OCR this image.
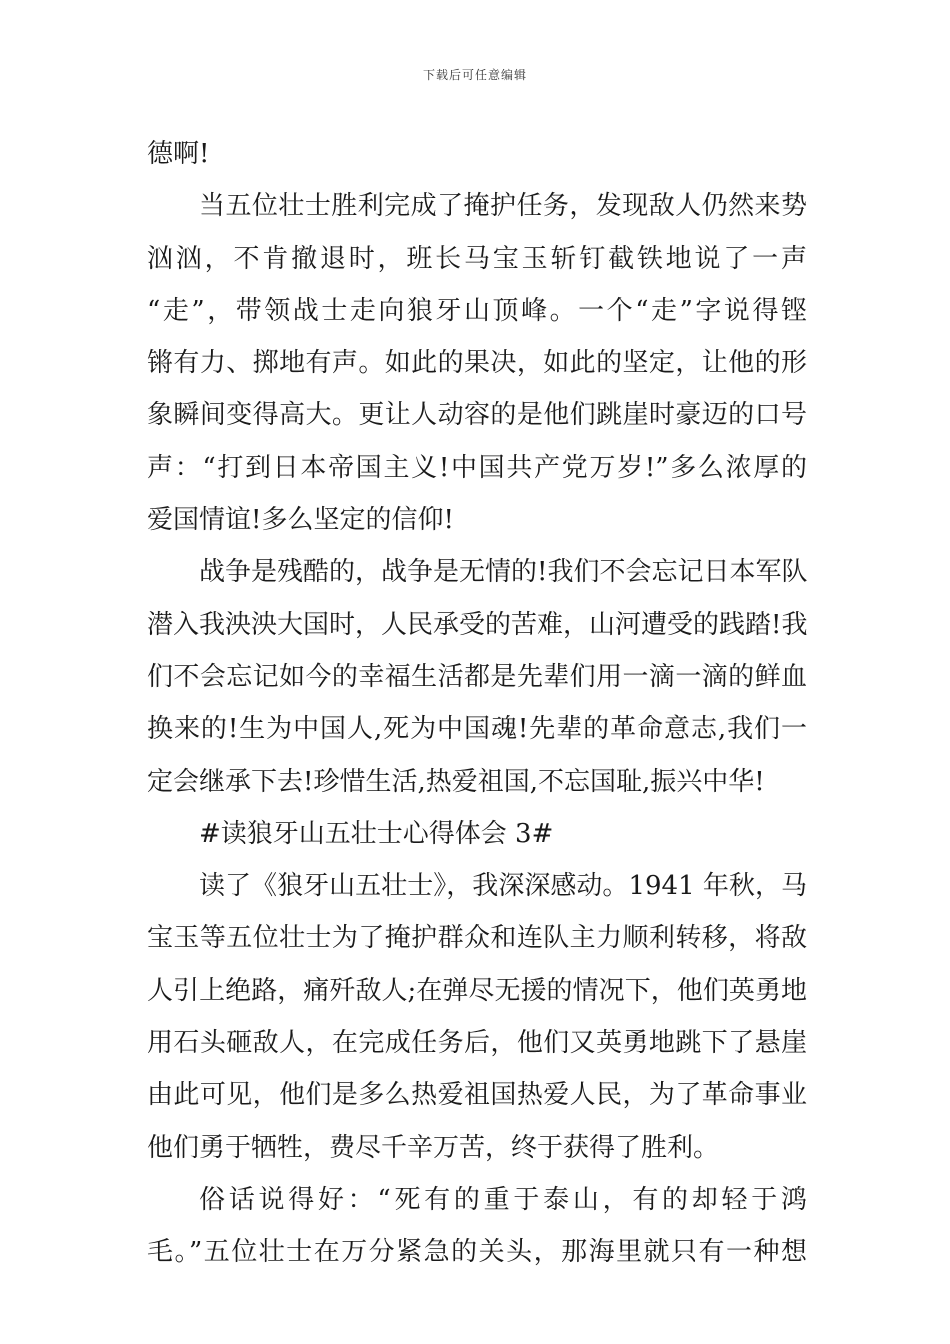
下载后可任意编辑
德啊!
当五位壮士胜利完成了掩护任务，发现敌人仍然来势
汹汹，不肯撤退时，班长马宝玉斩钉截铁地说了一声
“走”，带领战士走向狼牙山顶峰。一个“走”字说得铿
锵有力、掷地有声。如此的果决，如此的坚定，让他的形
象瞬间变得高大。更让人动容的是他们跳崖时豪迈的口号
声：“打到日本帝国主义!中国共产党万岁!”多么浓厚的
爱国情谊!多么坚定的信仰!
战争是残酷的，战争是无情的!我们不会忘记日本军队
潜入我泱泱大国时，人民承受的苦难，山河遭受的践踏!我
们不会忘记如今的幸福生活都是先辈们用一滴一滴的鲜血
换来的!生为中国人,死为中国魂!先辈的革命意志,我们一
定会继承下去!珍惜生活,热爱祖国,不忘国耻,振兴中华!
#读狼牙山五壮士心得体会 3#
读了《狼牙山五壮士》，我深深感动。1941 年秋，马
宝玉等五位壮士为了掩护群众和连队主力顺利转移，将敌
人引上绝路，痛歼敌人;在弹尽无援的情况下，他们英勇地
用石头砸敌人，在完成任务后，他们又英勇地跳下了悬崖
由此可见，他们是多么热爱祖国热爱人民，为了革命事业
他们勇于牺牲，费尽千辛万苦，终于获得了胜利。
俗话说得好：“死有的重于泰山，有的却轻于鸿
毛。”五位壮士在万分紧急的关头，那海里就只有一种想
